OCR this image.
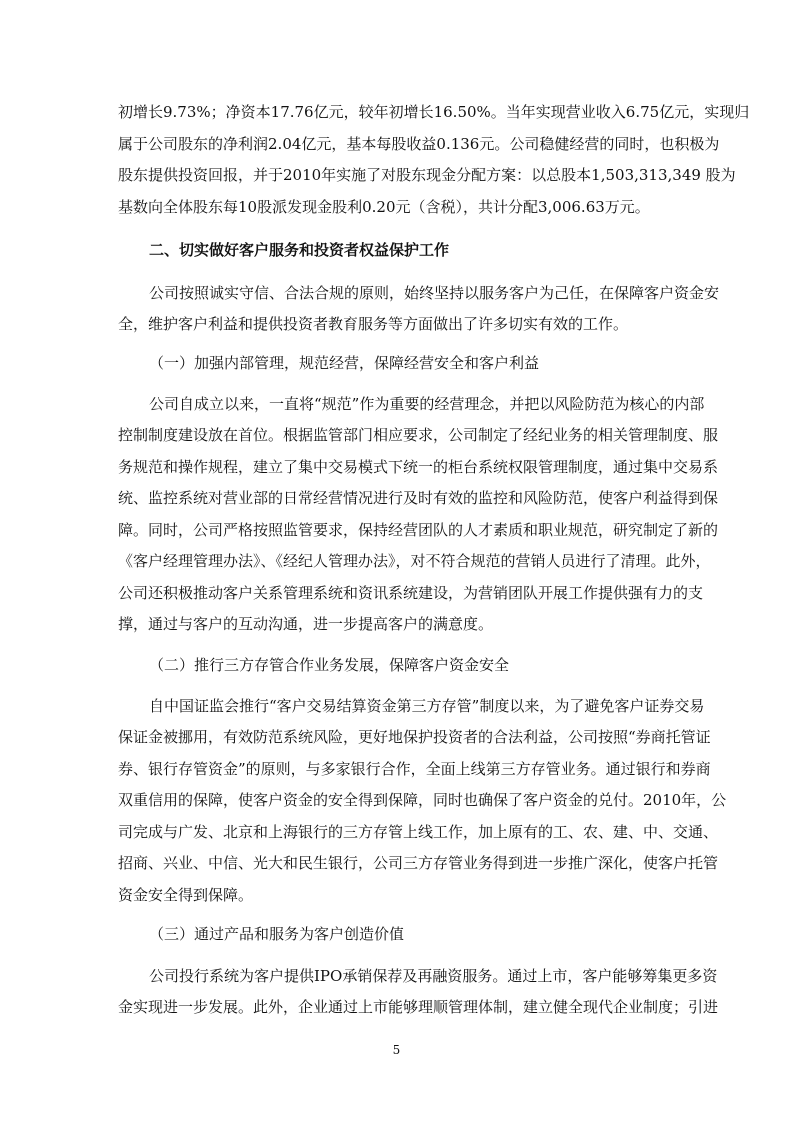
初增长9.73%；净资本17.76亿元，较年初增长16.50%。当年实现营业收入6.75亿元，实现归
属于公司股东的净利润2.04亿元，基本每股收益0.136元。公司稳健经营的同时，也积极为
股东提供投资回报，并于2010年实施了对股东现金分配方案：以总股本1,503,313,349 股为
基数向全体股东每10股派发现金股利0.20元（含税），共计分配3,006.63万元。
二、切实做好客户服务和投资者权益保护工作
公司按照诚实守信、合法合规的原则，始终坚持以服务客户为己任，在保障客户资金安
全，维护客户利益和提供投资者教育服务等方面做出了许多切实有效的工作。
（一）加强内部管理，规范经营，保障经营安全和客户利益
公司自成立以来，一直将“规范”作为重要的经营理念，并把以风险防范为核心的内部
控制制度建设放在首位。根据监管部门相应要求，公司制定了经纪业务的相关管理制度、服
务规范和操作规程，建立了集中交易模式下统一的柜台系统权限管理制度，通过集中交易系
统、监控系统对营业部的日常经营情况进行及时有效的监控和风险防范，使客户利益得到保
障。同时，公司严格按照监管要求，保持经营团队的人才素质和职业规范，研究制定了新的
《客户经理管理办法》、《经纪人管理办法》，对不符合规范的营销人员进行了清理。此外，
公司还积极推动客户关系管理系统和资讯系统建设，为营销团队开展工作提供强有力的支
撑，通过与客户的互动沟通，进一步提高客户的满意度。
（二）推行三方存管合作业务发展，保障客户资金安全
自中国证监会推行“客户交易结算资金第三方存管”制度以来，为了避免客户证券交易
保证金被挪用，有效防范系统风险，更好地保护投资者的合法利益，公司按照“券商托管证
券、银行存管资金”的原则，与多家银行合作，全面上线第三方存管业务。通过银行和券商
双重信用的保障，使客户资金的安全得到保障，同时也确保了客户资金的兑付。2010年，公
司完成与广发、北京和上海银行的三方存管上线工作，加上原有的工、农、建、中、交通、
招商、兴业、中信、光大和民生银行，公司三方存管业务得到进一步推广深化，使客户托管
资金安全得到保障。
（三）通过产品和服务为客户创造价值
公司投行系统为客户提供IPO承销保荐及再融资服务。通过上市，客户能够筹集更多资
金实现进一步发展。此外，企业通过上市能够理顺管理体制，建立健全现代企业制度；引进
5
